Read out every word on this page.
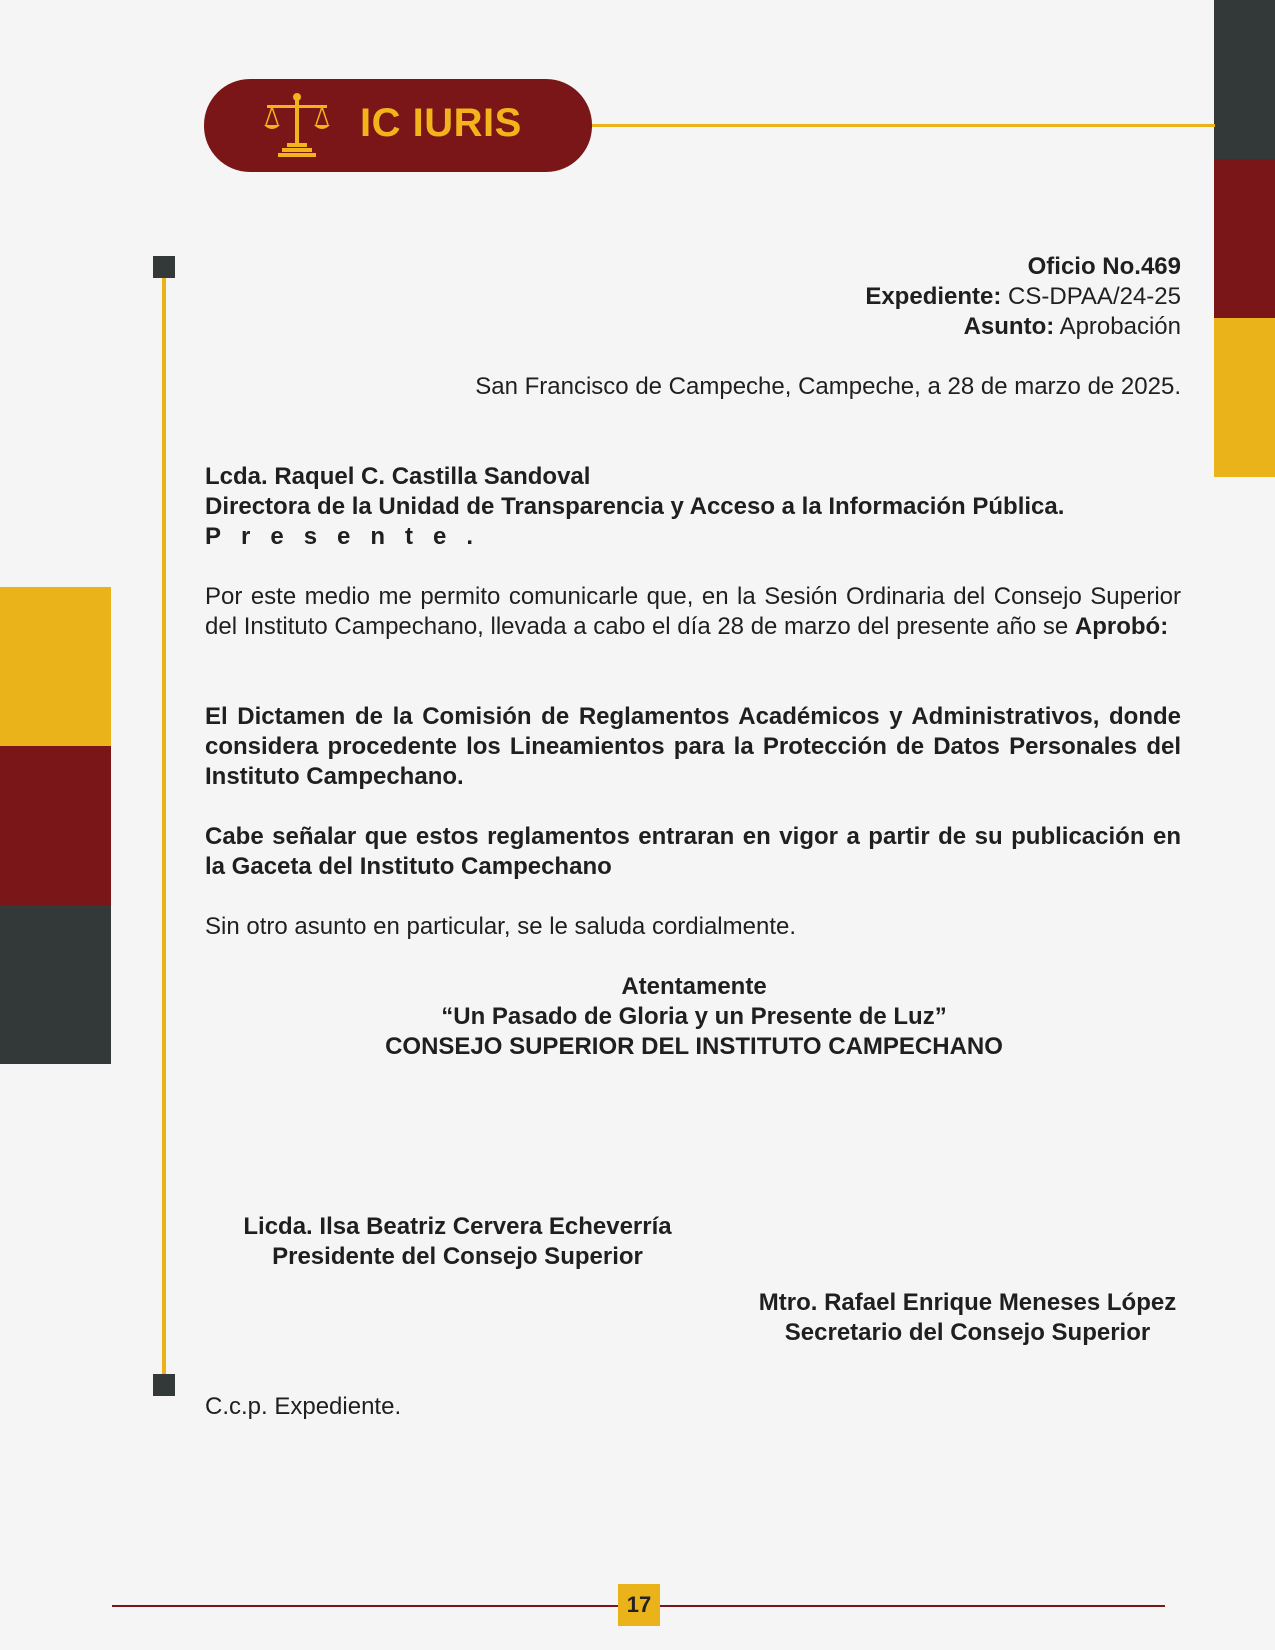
IC IURIS
Oficio No.469
Expediente: CS-DPAA/24-25
Asunto: Aprobación
San Francisco de Campeche, Campeche, a 28 de marzo de 2025.
Lcda. Raquel C. Castilla Sandoval
Directora de la Unidad de Transparencia y Acceso a la Información Pública.
Presente.
Por este medio me permito comunicarle que, en la Sesión Ordinaria del Consejo Superior del Instituto Campechano, llevada a cabo el día 28 de marzo del presente año se Aprobó:
El Dictamen de la Comisión de Reglamentos Académicos y Administrativos, donde considera procedente los Lineamientos para la Protección de Datos Personales del Instituto Campechano.
Cabe señalar que estos reglamentos entraran en vigor a partir de su publicación en la Gaceta del Instituto Campechano
Sin otro asunto en particular, se le saluda cordialmente.
Atentamente
“Un Pasado de Gloria y un Presente de Luz”
CONSEJO SUPERIOR DEL INSTITUTO CAMPECHANO
Licda. Ilsa Beatriz Cervera Echeverría
Presidente del Consejo Superior
Mtro. Rafael Enrique Meneses López
Secretario del Consejo Superior
C.c.p. Expediente.
17
